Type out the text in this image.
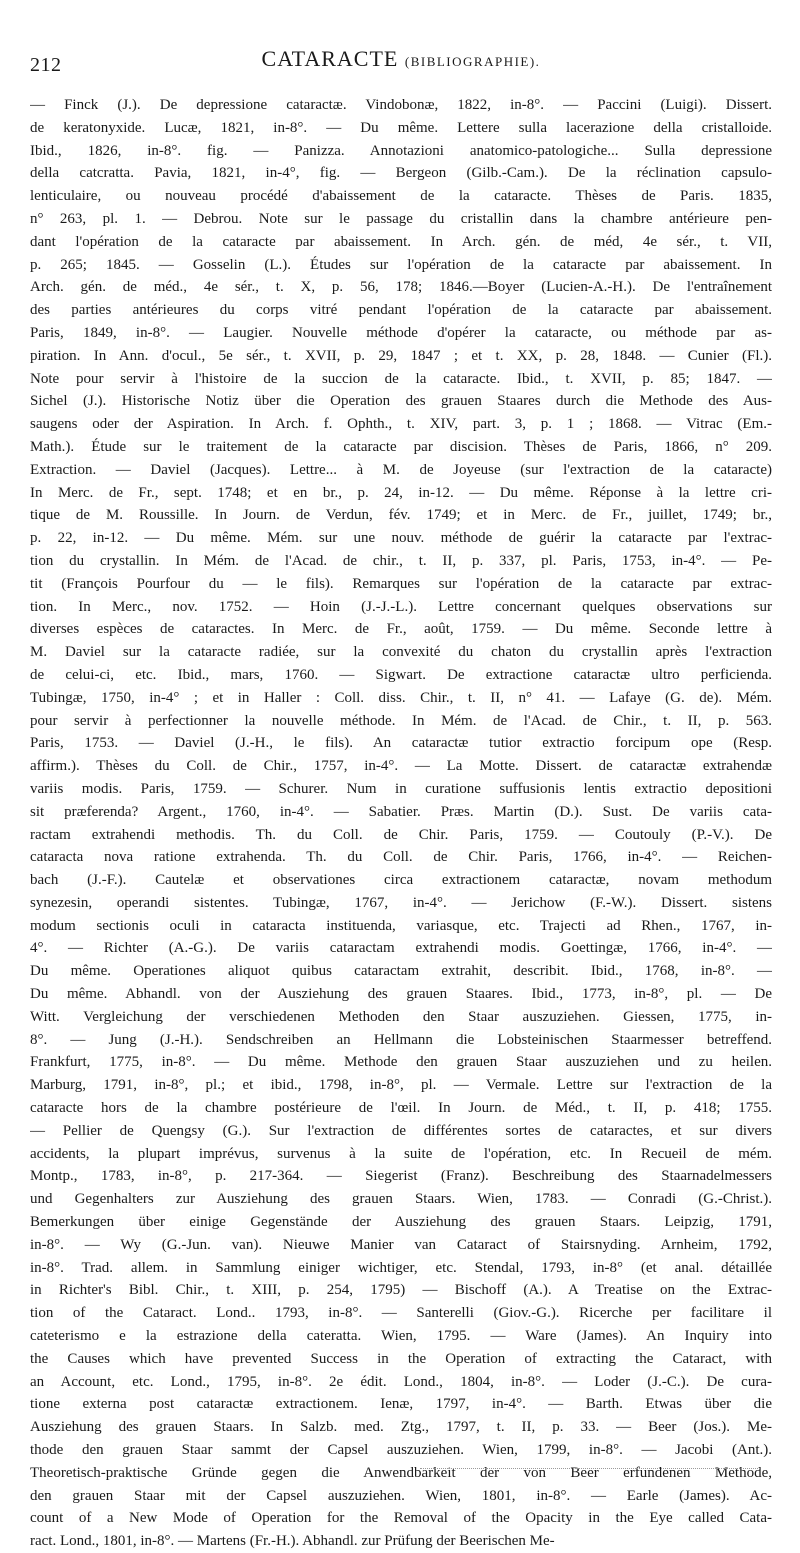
212	CATARACTE (BIBLIOGRAPHIE).
— Finck (J.). De depressione cataractæ. Vindobonæ, 1822, in-8°. — Paccini (Luigi). Dissert.
de keratonyxide. Lucæ, 1821, in-8°. — Du même. Lettere sulla lacerazione della cristalloide.
Ibid., 1826, in-8°. fig. — Panizza. Annotazioni anatomico-patologiche... Sulla depressione
della catcratta. Pavia, 1821, in-4°, fig. — Bergeon (Gilb.-Cam.). De la réclination capsulo-
lenticulaire, ou nouveau procédé d'abaissement de la cataracte. Thèses de Paris. 1835,
n° 263, pl. 1. — Debrou. Note sur le passage du cristallin dans la chambre antérieure pen-
dant l'opération de la cataracte par abaissement. In Arch. gén. de méd, 4e sér., t. VII,
p. 265; 1845. — Gosselin (L.). Études sur l'opération de la cataracte par abaissement. In
Arch. gén. de méd., 4e sér., t. X, p. 56, 178; 1846.—Boyer (Lucien-A.-H.). De l'entraînement
des parties antérieures du corps vitré pendant l'opération de la cataracte par abaissement.
Paris, 1849, in-8°. — Laugier. Nouvelle méthode d'opérer la cataracte, ou méthode par as-
piration. In Ann. d'ocul., 5e sér., t. XVII, p. 29, 1847 ; et t. XX, p. 28, 1848. — Cunier (Fl.).
Note pour servir à l'histoire de la succion de la cataracte. Ibid., t. XVII, p. 85; 1847. —
Sichel (J.). Historische Notiz über die Operation des grauen Staares durch die Methode des Aus-
saugens oder der Aspiration. In Arch. f. Ophth., t. XIV, part. 3, p. 1 ; 1868. — Vitrac (Em.-
Math.). Étude sur le traitement de la cataracte par discision. Thèses de Paris, 1866, n° 209.
Extraction. — Daviel (Jacques). Lettre... à M. de Joyeuse (sur l'extraction de la cataracte)
In Merc. de Fr., sept. 1748; et en br., p. 24, in-12. — Du même. Réponse à la lettre cri-
tique de M. Roussille. In Journ. de Verdun, fév. 1749; et in Merc. de Fr., juillet, 1749; br.,
p. 22, in-12. — Du même. Mém. sur une nouv. méthode de guérir la cataracte par l'extrac-
tion du crystallin. In Mém. de l'Acad. de chir., t. II, p. 337, pl. Paris, 1753, in-4°. — Pe-
tit (François Pourfour du — le fils). Remarques sur l'opération de la cataracte par extrac-
tion. In Merc., nov. 1752. — Hoin (J.-J.-L.). Lettre concernant quelques observations sur
diverses espèces de cataractes. In Merc. de Fr., août, 1759. — Du même. Seconde lettre à
M. Daviel sur la cataracte radiée, sur la convexité du chaton du crystallin après l'extraction
de celui-ci, etc. Ibid., mars, 1760. — Sigwart. De extractione cataractæ ultro perficienda.
Tubingæ, 1750, in-4° ; et in Haller : Coll. diss. Chir., t. II, n° 41. — Lafaye (G. de). Mém.
pour servir à perfectionner la nouvelle méthode. In Mém. de l'Acad. de Chir., t. II, p. 563.
Paris, 1753. — Daviel (J.-H., le fils). An cataractæ tutior extractio forcipum ope (Resp.
affirm.). Thèses du Coll. de Chir., 1757, in-4°. — La Motte. Dissert. de cataractæ extrahendæ
variis modis. Paris, 1759. — Schurer. Num in curatione suffusionis lentis extractio depositioni
sit præferenda? Argent., 1760, in-4°. — Sabatier. Præs. Martin (D.). Sust. De variis cata-
ractam extrahendi methodis. Th. du Coll. de Chir. Paris, 1759. — Coutouly (P.-V.). De
cataracta nova ratione extrahenda. Th. du Coll. de Chir. Paris, 1766, in-4°. — Reichen-
bach (J.-F.). Cautelæ et observationes circa extractionem cataractæ, novam methodum
synezesin, operandi sistentes. Tubingæ, 1767, in-4°. — Jerichow (F.-W.). Dissert. sistens
modum sectionis oculi in cataracta instituenda, variasque, etc. Trajecti ad Rhen., 1767, in-
4°. — Richter (A.-G.). De variis cataractam extrahendi modis. Goettingæ, 1766, in-4°. —
Du même. Operationes aliquot quibus cataractam extrahit, describit. Ibid., 1768, in-8°. —
Du même. Abhandl. von der Ausziehung des grauen Staares. Ibid., 1773, in-8°, pl. — De
Witt. Vergleichung der verschiedenen Methoden den Staar auszuziehen. Giessen, 1775, in-
8°. — Jung (J.-H.). Sendschreiben an Hellmann die Lobsteinischen Staarmesser betreffend.
Frankfurt, 1775, in-8°. — Du même. Methode den grauen Staar auszuziehen und zu heilen.
Marburg, 1791, in-8°, pl.; et ibid., 1798, in-8°, pl. — Vermale. Lettre sur l'extraction de la
cataracte hors de la chambre postérieure de l'œil. In Journ. de Méd., t. II, p. 418; 1755.
— Pellier de Quengsy (G.). Sur l'extraction de différentes sortes de cataractes, et sur divers
accidents, la plupart imprévus, survenus à la suite de l'opération, etc. In Recueil de mém.
Montp., 1783, in-8°, p. 217-364. — Siegerist (Franz). Beschreibung des Staarnadelmessers
und Gegenhalters zur Ausziehung des grauen Staars. Wien, 1783. — Conradi (G.-Christ.).
Bemerkungen über einige Gegenstände der Ausziehung des grauen Staars. Leipzig, 1791,
in-8°. — Wy (G.-Jun. van). Nieuwe Manier van Cataract of Stairsnyding. Arnheim, 1792,
in-8°. Trad. allem. in Sammlung einiger wichtiger, etc. Stendal, 1793, in-8° (et anal. détaillée
in Richter's Bibl. Chir., t. XIII, p. 254, 1795) — Bischoff (A.). A Treatise on the Extrac-
tion of the Cataract. Lond.. 1793, in-8°. — Santerelli (Giov.-G.). Ricerche per facilitare il
cateterismo e la estrazione della cateratta. Wien, 1795. — Ware (James). An Inquiry into
the Causes which have prevented Success in the Operation of extracting the Cataract, with
an Account, etc. Lond., 1795, in-8°. 2e édit. Lond., 1804, in-8°. — Loder (J.-C.). De cura-
tione externa post cataractæ extractionem. Ienæ, 1797, in-4°. — Barth. Etwas über die
Ausziehung des grauen Staars. In Salzb. med. Ztg., 1797, t. II, p. 33. — Beer (Jos.). Me-
thode den grauen Staar sammt der Capsel auszuziehen. Wien, 1799, in-8°. — Jacobi (Ant.).
Theoretisch-praktische Gründe gegen die Anwendbarkeit der von Beer erfundenen Methode,
den grauen Staar mit der Capsel auszuziehen. Wien, 1801, in-8°. — Earle (James). Ac-
count of a New Mode of Operation for the Removal of the Opacity in the Eye called Cata-
ract. Lond., 1801, in-8°. — Martens (Fr.-H.). Abhandl. zur Prüfung der Beerischen Me-
